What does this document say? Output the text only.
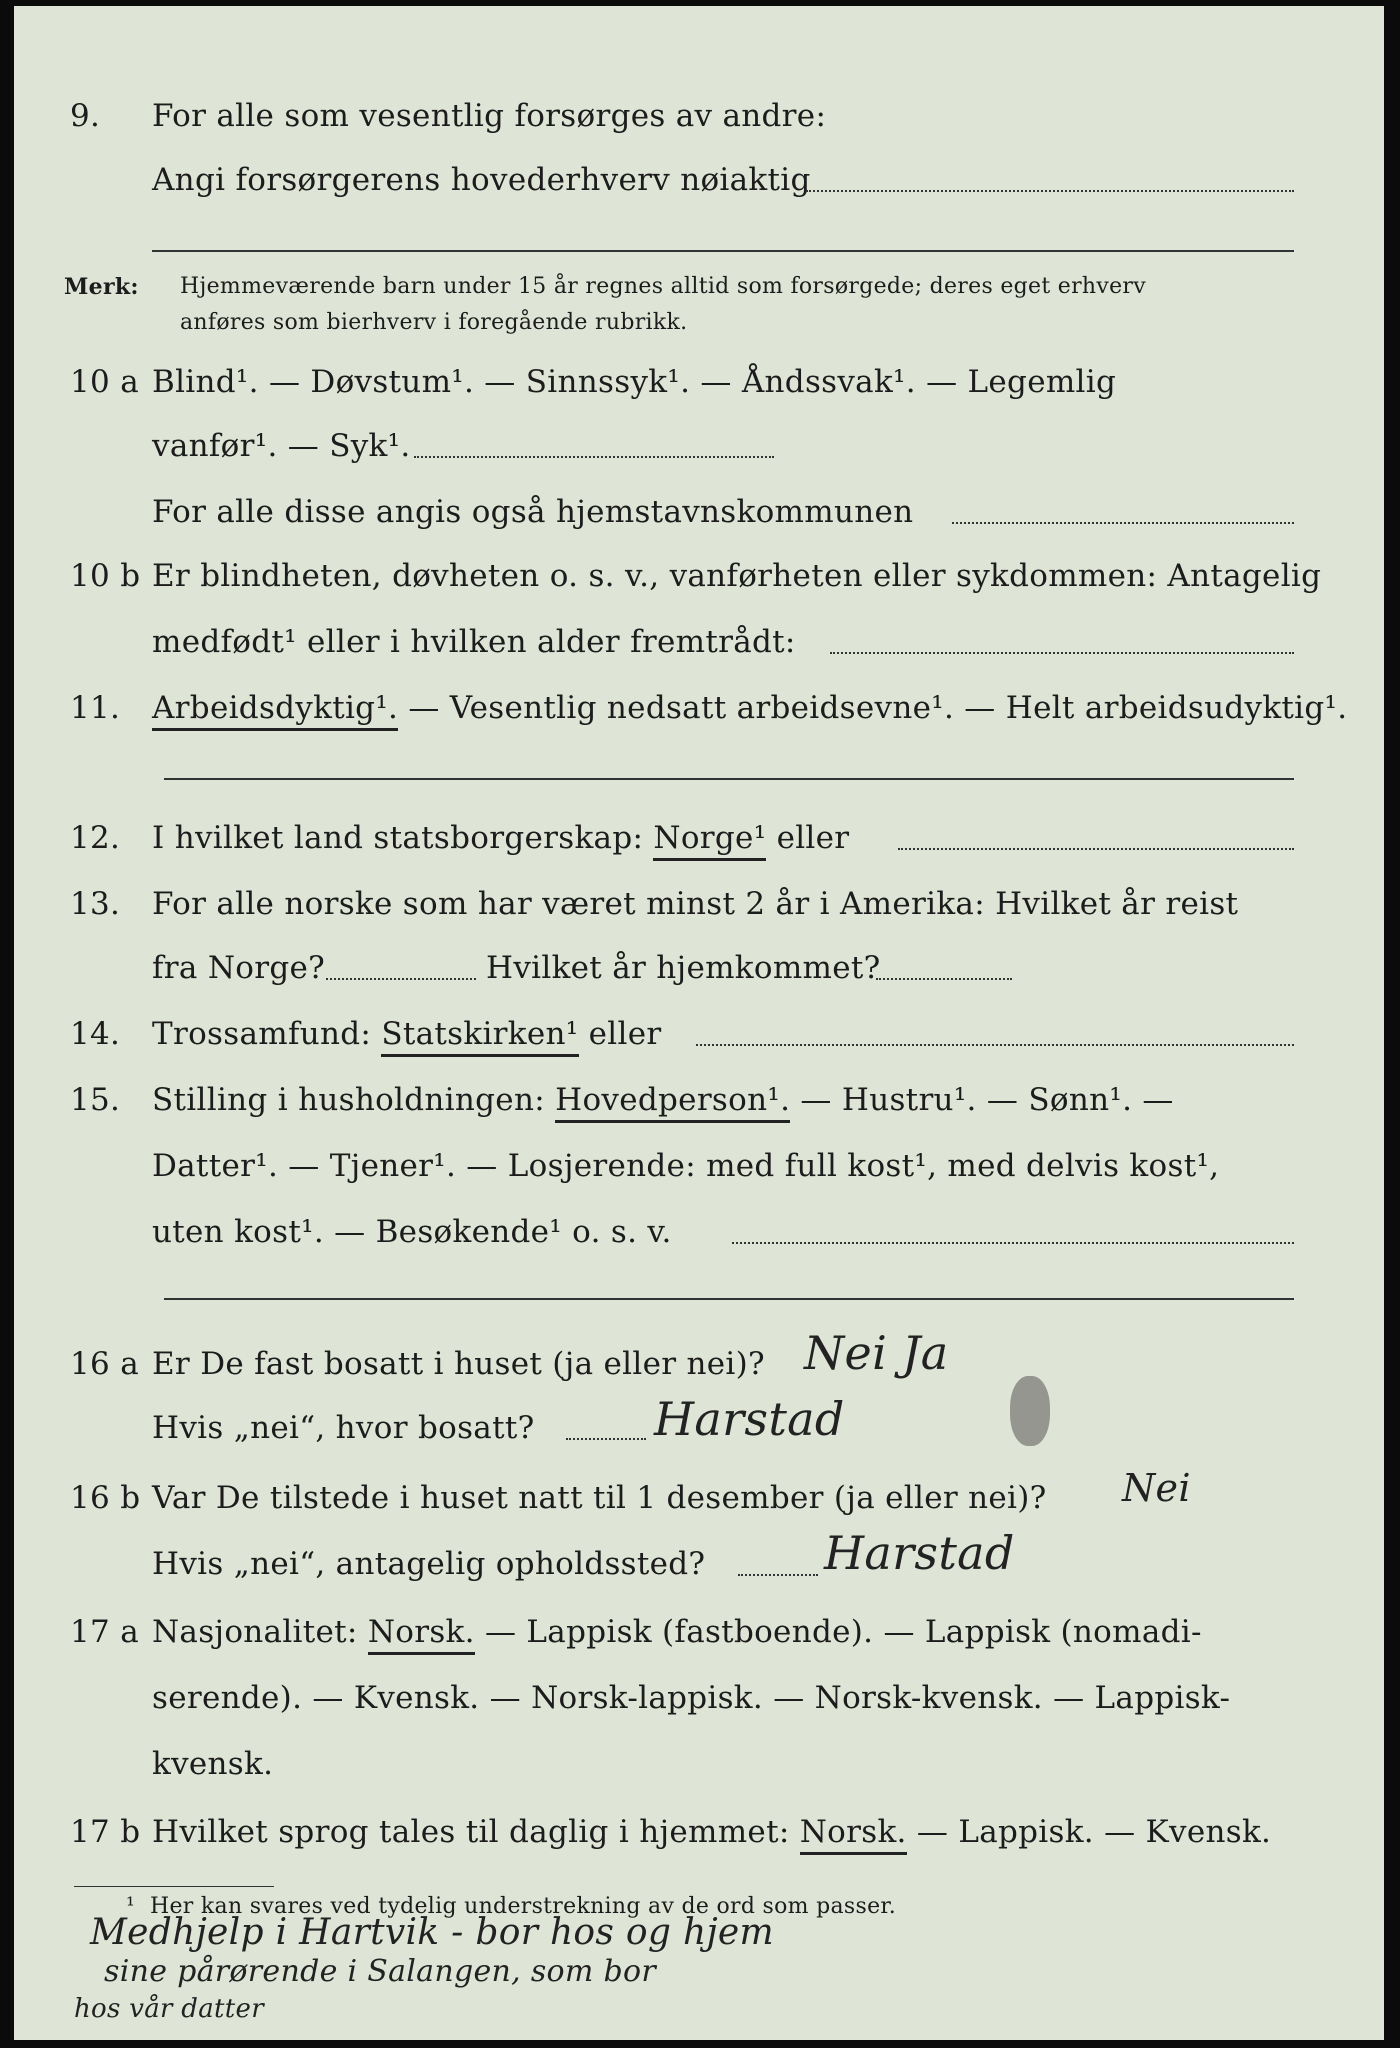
9. For alle som vesentlig forsørges av andre:
Angi forsørgerens hovederhverv nøiaktig
Merk: Hjemmeværende barn under 15 år regnes alltid som forsørgede; deres eget erhverv
anføres som bierhverv i foregående rubrikk.
10 a Blind¹. — Døvstum¹. — Sinnssyk¹. — Åndssvak¹. — Legemlig
vanfør¹. — Syk¹.
For alle disse angis også hjemstavnskommunen
10 b Er blindheten, døvheten o. s. v., vanførheten eller sykdommen: Antagelig
medfødt¹ eller i hvilken alder fremtrådt:
11. Arbeidsdyktig¹. — Vesentlig nedsatt arbeidsevne¹. — Helt arbeidsudyktig¹.
12. I hvilket land statsborgerskap: Norge¹ eller
13. For alle norske som har været minst 2 år i Amerika: Hvilket år reist
fra Norge?	Hvilket år hjemkommet?
14. Trossamfund: Statskirken¹ eller
15. Stilling i husholdningen: Hovedperson¹. — Hustru¹. — Sønn¹. —
Datter¹. — Tjener¹. — Losjerende: med full kost¹, med delvis kost¹,
uten kost¹. — Besøkende¹ o. s. v.
16 a Er De fast bosatt i huset (ja eller nei)? Nei Ja
Hvis „nei“, hvor bosatt?	Harstad
16 b Var De tilstede i huset natt til 1 desember (ja eller nei)? Nei
Hvis „nei“, antagelig opholdssted?	Harstad
17 a Nasjonalitet: Norsk. — Lappisk (fastboende). — Lappisk (nomadi-
serende). — Kvensk. — Norsk-lappisk. — Norsk-kvensk. — Lappisk-
kvensk.
17 b Hvilket sprog tales til daglig i hjemmet: Norsk. — Lappisk. — Kvensk.
¹ Her kan svares ved tydelig understrekning av de ord som passer.
Medhjelp i Hartvik - bor hos og hjem
sine pårørende i Salangen, som bor
hos vår datter
